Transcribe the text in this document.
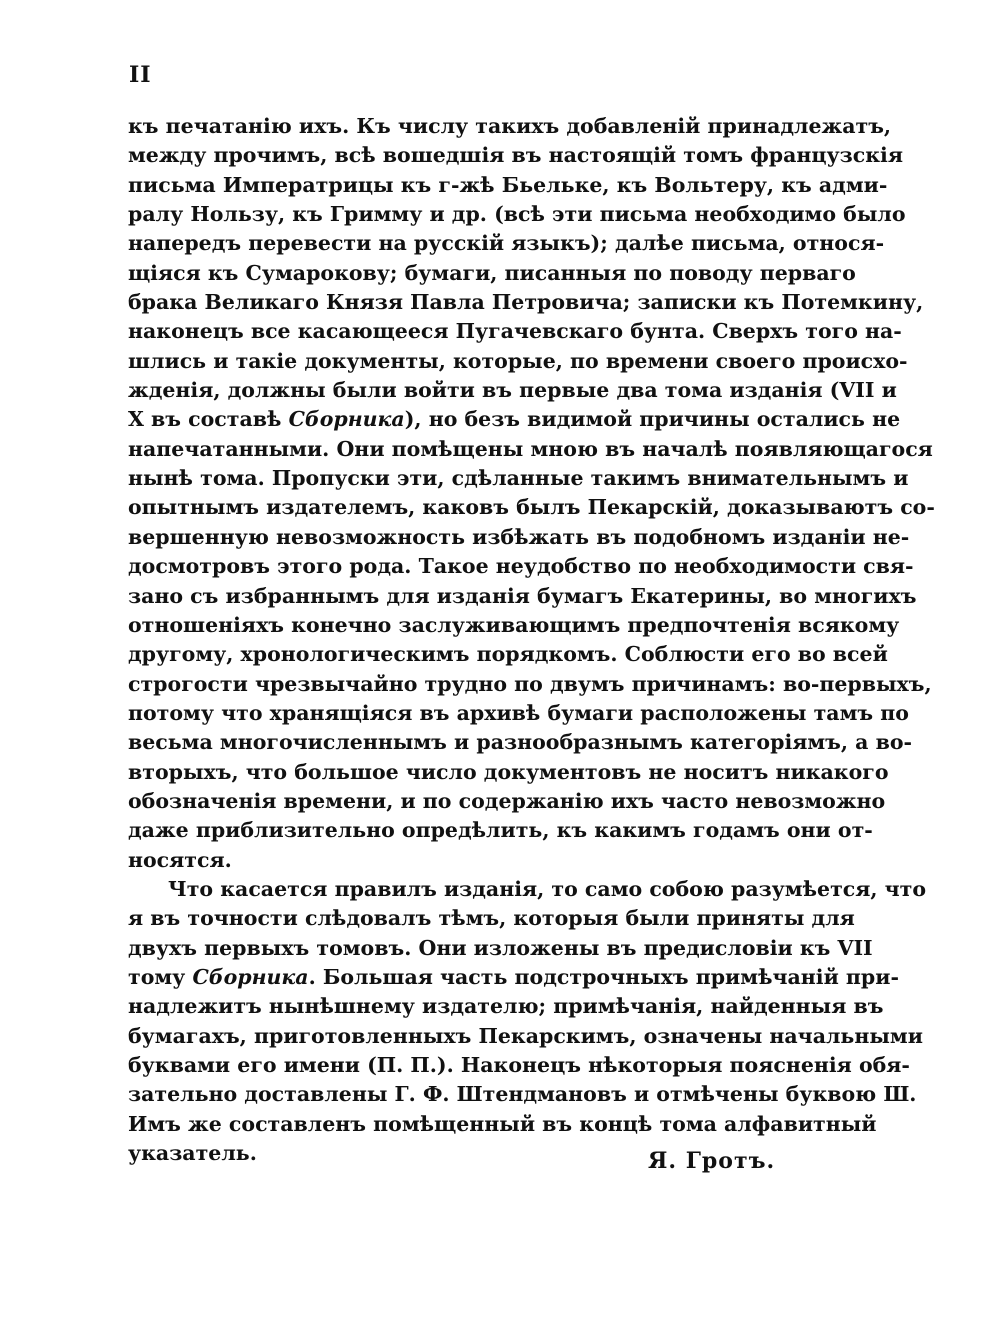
II
къ печатанію ихъ. Къ числу такихъ добавленій принадлежатъ,
между прочимъ, всѣ вошедшія въ настоящій томъ французскія
письма Императрицы къ г-жѣ Бьельке, къ Вольтеру, къ адми-
ралу Нользу, къ Гримму и др. (всѣ эти письма необходимо было
напередъ перевести на русскій языкъ); далѣе письма, относя-
щіяся къ Сумарокову; бумаги, писанныя по поводу перваго
брака Великаго Князя Павла Петровича; записки къ Потемкину,
наконецъ все касающееся Пугачевскаго бунта. Сверхъ того на-
шлись и такіе документы, которые, по времени своего происхо-
жденія, должны были войти въ первые два тома изданія (VII и
X въ составѣ Сборника), но безъ видимой причины остались не
напечатанными. Они помѣщены мною въ началѣ появляющагося
нынѣ тома. Пропуски эти, сдѣланные такимъ внимательнымъ и
опытнымъ издателемъ, каковъ былъ Пекарскій, доказываютъ со-
вершенную невозможность избѣжать въ подобномъ изданіи не-
досмотровъ этого рода. Такое неудобство по необходимости свя-
зано съ избраннымъ для изданія бумагъ Екатерины, во многихъ
отношеніяхъ конечно заслуживающимъ предпочтенія всякому
другому, хронологическимъ порядкомъ. Соблюсти его во всей
строгости чрезвычайно трудно по двумъ причинамъ: во-первыхъ,
потому что хранящіяся въ архивѣ бумаги расположены тамъ по
весьма многочисленнымъ и разнообразнымъ категоріямъ, а во-
вторыхъ, что большое число документовъ не носитъ никакого
обозначенія времени, и по содержанію ихъ часто невозможно
даже приблизительно опредѣлить, къ какимъ годамъ они от-
носятся.
Что касается правилъ изданія, то само собою разумѣется, что
я въ точности слѣдовалъ тѣмъ, которыя были приняты для
двухъ первыхъ томовъ. Они изложены въ предисловіи къ VII
тому Сборника. Большая часть подстрочныхъ примѣчаній при-
надлежитъ нынѣшнему издателю; примѣчанія, найденныя въ
бумагахъ, приготовленныхъ Пекарскимъ, означены начальными
буквами его имени (П. П.). Наконецъ нѣкоторыя поясненія обя-
зательно доставлены Г. Ф. Штендмановъ и отмѣчены буквою Ш.
Имъ же составленъ помѣщенный въ концѣ тома алфавитный
указатель.	Я. Гротъ.
